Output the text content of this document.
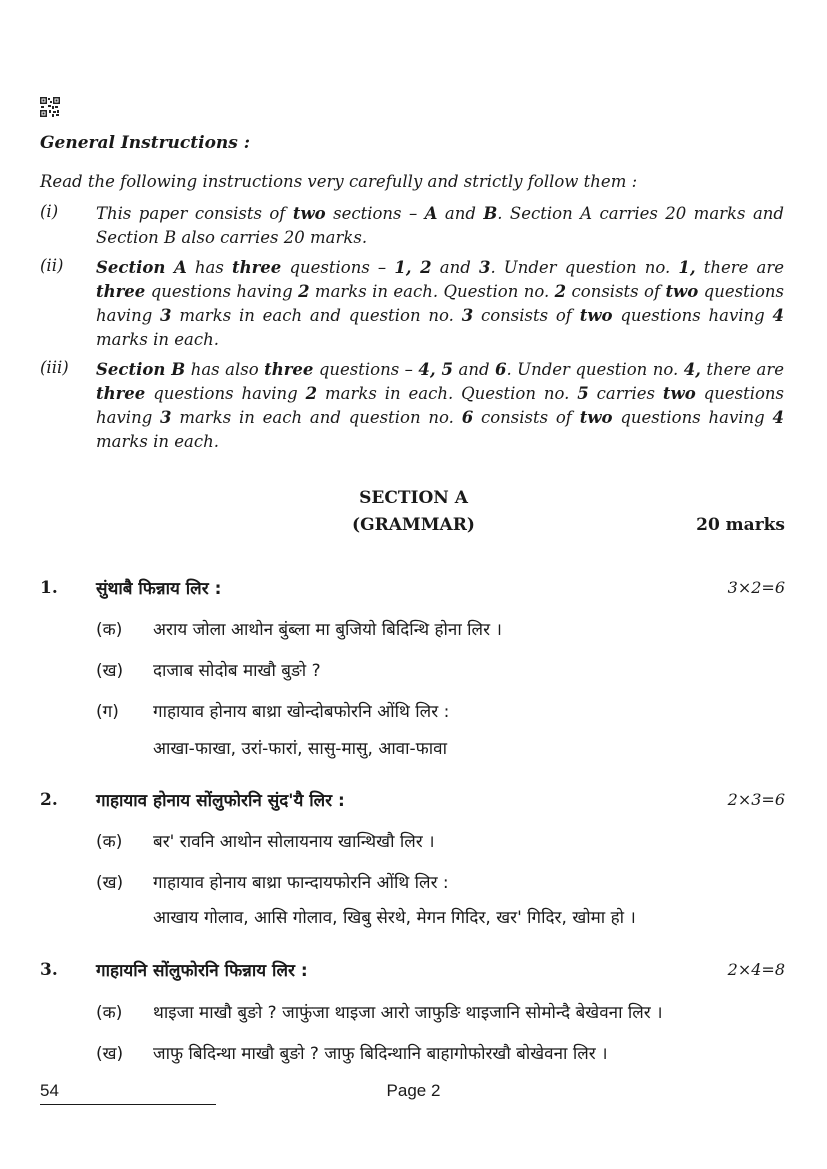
General Instructions :
Read the following instructions very carefully and strictly follow them :
(i) This paper consists of two sections – A and B. Section A carries 20 marks and Section B also carries 20 marks.
(ii) Section A has three questions – 1, 2 and 3. Under question no. 1, there are three questions having 2 marks in each. Question no. 2 consists of two questions having 3 marks in each and question no. 3 consists of two questions having 4 marks in each.
(iii) Section B has also three questions – 4, 5 and 6. Under question no. 4, there are three questions having 2 marks in each. Question no. 5 carries two questions having 3 marks in each and question no. 6 consists of two questions having 4 marks in each.
SECTION A
(GRAMMAR)	20 marks
1. सुंथाबै फिन्नाय लिर :	3×2=6
(क) अराय जोला आथोन बुंब्ला मा बुजियो बिदिन्थि होना लिर ।
(ख) दाजाब सोदोब माखौ बुङो ?
(ग) गाहायाव होनाय बाथ्रा खोन्दोबफोरनि ओंथि लिर :
आखा-फाखा, उरां-फारां, सासु-मासु, आवा-फावा
2. गाहायाव होनाय सोंलुफोरनि सुंद'यै लिर :	2×3=6
(क) बर' रावनि आथोन सोलायनाय खान्थिखौ लिर ।
(ख) गाहायाव होनाय बाथ्रा फान्दायफोरनि ओंथि लिर :
आखाय गोलाव, आसि गोलाव, खिबु सेरथे, मेगन गिदिर, खर' गिदिर, खोमा हो ।
3. गाहायनि सोंलुफोरनि फिन्नाय लिर :	2×4=8
(क) थाइजा माखौ बुङो ? जाफुंजा थाइजा आरो जाफुङि थाइजानि सोमोन्दै बेखेवना लिर ।
(ख) जाफु बिदिन्था माखौ बुङो ? जाफु बिदिन्थानि बाहागोफोरखौ बोखेवना लिर ।
54	Page 2
